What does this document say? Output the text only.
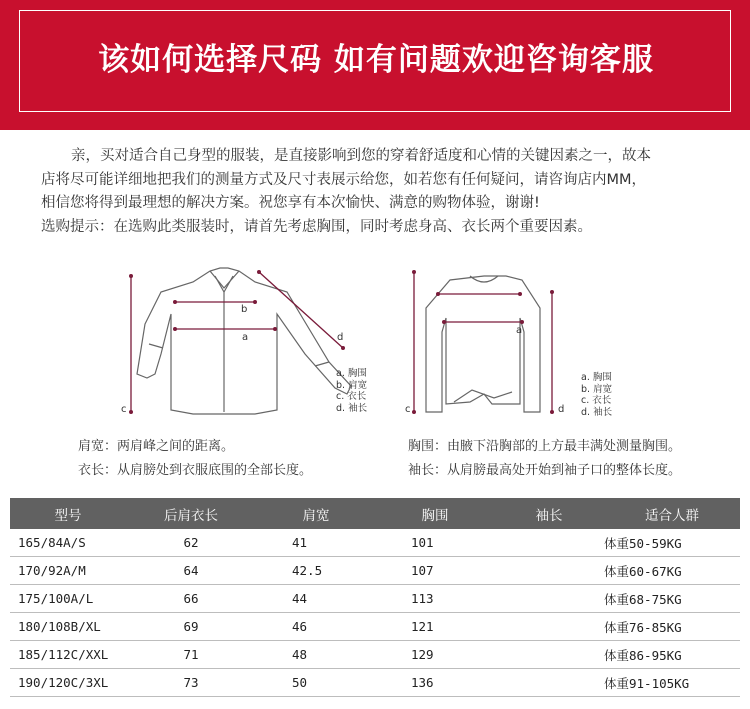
该如何选择尺码 如有问题欢迎咨询客服

亲，买对适合自己身型的服装，是直接影响到您的穿着舒适度和心情的关键因素之一，故本

店将尽可能详细地把我们的测量方式及尺寸表展示给您，如若您有任何疑问，请咨询店内MM，

相信您将得到最理想的解决方案。祝您享有本次愉快、满意的购物体验，谢谢!

选购提示：在选购此类服装时，请首先考虑胸围，同时考虑身高、衣长两个重要因素。

b
a
c
d
a. 胸围
b. 肩宽
c. 衣长
d. 袖长
a
c	d
a. 胸围
b. 肩宽
c. 衣长
d. 袖长
肩宽：两肩峰之间的距离。	胸围：由腋下沿胸部的上方最丰满处测量胸围。
衣长：从肩膀处到衣服底围的全部长度。	袖长：从肩膀最高处开始到袖子口的整体长度。
型号	后肩衣长	肩宽	胸围	袖长	适合人群
165/84A/S	62	41	101		体重50-59KG
170/92A/M	64	42.5	107		体重60-67KG
175/100A/L	66	44	113		体重68-75KG
180/108B/XL	69	46	121		体重76-85KG
185/112C/XXL	71	48	129		体重86-95KG
190/120C/3XL	73	50	136		体重91-105KG
